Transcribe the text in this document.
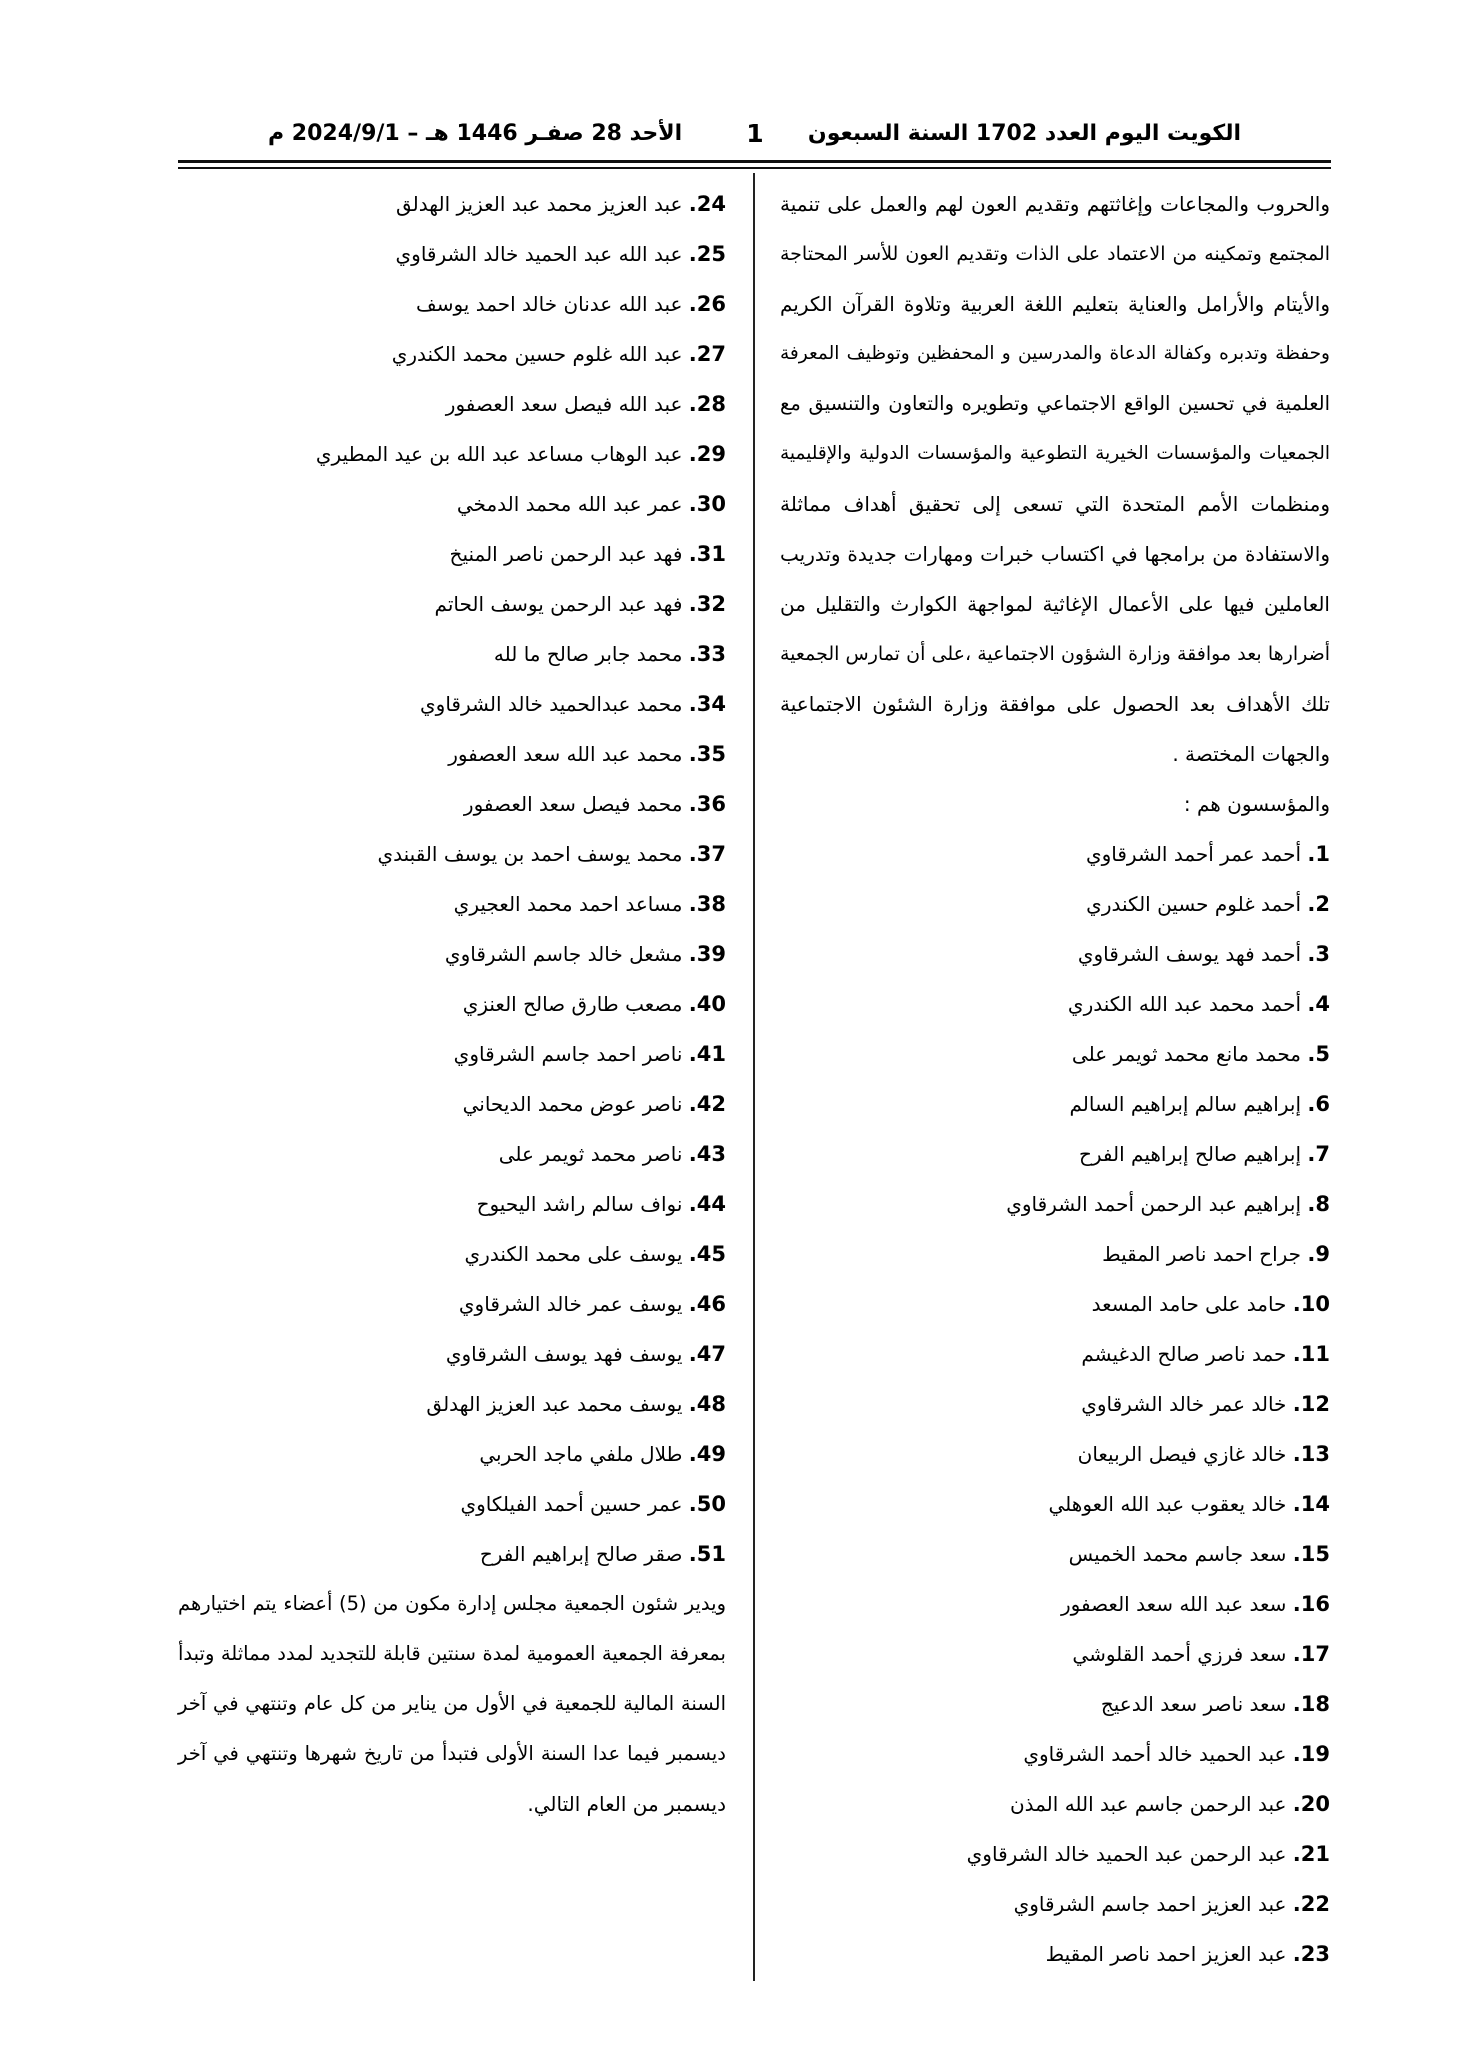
الكويت اليوم العدد 1702 السنة السبعون
1
الأحد 28 صفـر 1446 هـ – 2024/9/1 م
والحروب والمجاعات وإغاثتهم وتقديم العون لهم والعمل على تنمية
المجتمع وتمكينه من الاعتماد على الذات وتقديم العون للأسر المحتاجة
والأيتام والأرامل والعناية بتعليم اللغة العربية وتلاوة القرآن الكريم
وحفظة وتدبره وكفالة الدعاة والمدرسين و المحفظين وتوظيف المعرفة
العلمية في تحسين الواقع الاجتماعي وتطويره والتعاون والتنسيق مع
الجمعيات والمؤسسات الخيرية التطوعية والمؤسسات الدولية والإقليمية
ومنظمات الأمم المتحدة التي تسعى إلى تحقيق أهداف مماثلة
والاستفادة من برامجها في اكتساب خبرات ومهارات جديدة وتدريب
العاملين فيها على الأعمال الإغاثية لمواجهة الكوارث والتقليل من
أضرارها بعد موافقة وزارة الشؤون الاجتماعية ،على أن تمارس الجمعية
تلك الأهداف بعد الحصول على موافقة وزارة الشئون الاجتماعية
والجهات المختصة .
والمؤسسون هم :
1. أحمد عمر أحمد الشرقاوي
2. أحمد غلوم حسين الكندري
3. أحمد فهد يوسف الشرقاوي
4. أحمد محمد عبد الله الكندري
5. محمد مانع محمد ثويمر على
6. إبراهيم سالم إبراهيم السالم
7. إبراهيم صالح إبراهيم الفرح
8. إبراهيم عبد الرحمن أحمد الشرقاوي
9. جراح احمد ناصر المقيط
10. حامد على حامد المسعد
11. حمد ناصر صالح الدغيشم
12. خالد عمر خالد الشرقاوي
13. خالد غازي فيصل الربيعان
14. خالد يعقوب عبد الله العوهلي
15. سعد جاسم محمد الخميس
16. سعد عبد الله سعد العصفور
17. سعد فرزي أحمد القلوشي
18. سعد ناصر سعد الدعيج
19. عبد الحميد خالد أحمد الشرقاوي
20. عبد الرحمن جاسم عبد الله المذن
21. عبد الرحمن عبد الحميد خالد الشرقاوي
22. عبد العزيز احمد جاسم الشرقاوي
23. عبد العزيز احمد ناصر المقيط
24. عبد العزيز محمد عبد العزيز الهدلق
25. عبد الله عبد الحميد خالد الشرقاوي
26. عبد الله عدنان خالد احمد يوسف
27. عبد الله غلوم حسين محمد الكندري
28. عبد الله فيصل سعد العصفور
29. عبد الوهاب مساعد عبد الله بن عيد المطيري
30. عمر عبد الله محمد الدمخي
31. فهد عبد الرحمن ناصر المنيخ
32. فهد عبد الرحمن يوسف الحاتم
33. محمد جابر صالح ما لله
34. محمد عبدالحميد خالد الشرقاوي
35. محمد عبد الله سعد العصفور
36. محمد فيصل سعد العصفور
37. محمد يوسف احمد بن يوسف القبندي
38. مساعد احمد محمد العجيري
39. مشعل خالد جاسم الشرقاوي
40. مصعب طارق صالح العنزي
41. ناصر احمد جاسم الشرقاوي
42. ناصر عوض محمد الديحاني
43. ناصر محمد ثويمر على
44. نواف سالم راشد اليحيوح
45. يوسف على محمد الكندري
46. يوسف عمر خالد الشرقاوي
47. يوسف فهد يوسف الشرقاوي
48. يوسف محمد عبد العزيز الهدلق
49. طلال ملفي ماجد الحربي
50. عمر حسين أحمد الفيلكاوي
51. صقر صالح إبراهيم الفرح
ويدير شئون الجمعية مجلس إدارة مكون من (5) أعضاء يتم اختيارهم
بمعرفة الجمعية العمومية لمدة سنتين قابلة للتجديد لمدد مماثلة وتبدأ
السنة المالية للجمعية في الأول من يناير من كل عام وتنتهي في آخر
ديسمبر فيما عدا السنة الأولى فتبدأ من تاريخ شهرها وتنتهي في آخر
ديسمبر من العام التالي.
